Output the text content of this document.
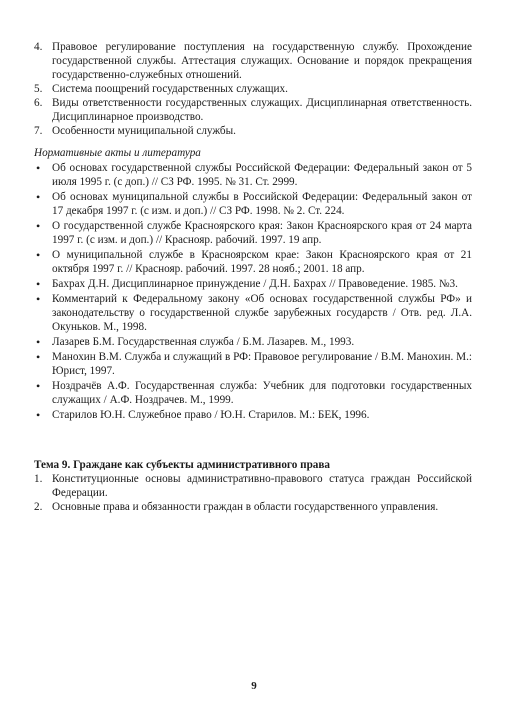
4. Правовое регулирование поступления на государственную службу. Прохождение государственной службы. Аттестация служащих. Основание и порядок прекращения государственно-служебных отношений.
5. Система поощрений государственных служащих.
6. Виды ответственности государственных служащих. Дисциплинарная ответственность. Дисциплинарное производство.
7. Особенности муниципальной службы.
Нормативные акты и литература
• Об основах государственной службы Российской Федерации: Федеральный закон от 5 июля 1995 г. (с доп.) // СЗ РФ. 1995. № 31. Ст. 2999.
• Об основах муниципальной службы в Российской Федерации: Федеральный закон от 17 декабря 1997 г. (с изм. и доп.) // СЗ РФ. 1998. № 2. Ст. 224.
• О государственной службе Красноярского края: Закон Красноярского края от 24 марта 1997 г. (с изм. и доп.) // Краснояр. рабочий. 1997. 19 апр.
• О муниципальной службе в Красноярском крае: Закон Красноярского края от 21 октября 1997 г. // Краснояр. рабочий. 1997. 28 нояб.; 2001. 18 апр.
• Бахрах Д.Н. Дисциплинарное принуждение / Д.Н. Бахрах // Правоведение. 1985. №3.
• Комментарий к Федеральному закону «Об основах государственной службы РФ» и законодательству о государственной службе зарубежных государств / Отв. ред. Л.А. Окуньков. М., 1998.
• Лазарев Б.М. Государственная служба / Б.М. Лазарев. М., 1993.
• Манохин В.М. Служба и служащий в РФ: Правовое регулирование / В.М. Манохин. М.: Юрист, 1997.
• Ноздрачёв А.Ф. Государственная служба: Учебник для подготовки государственных служащих / А.Ф. Ноздрачев. М., 1999.
• Старилов Ю.Н. Служебное право / Ю.Н. Старилов. М.: БЕК, 1996.
Тема 9. Граждане как субъекты административного права
1. Конституционные основы административно-правового статуса граждан Российской Федерации.
2. Основные права и обязанности граждан в области государственного управления.
9
